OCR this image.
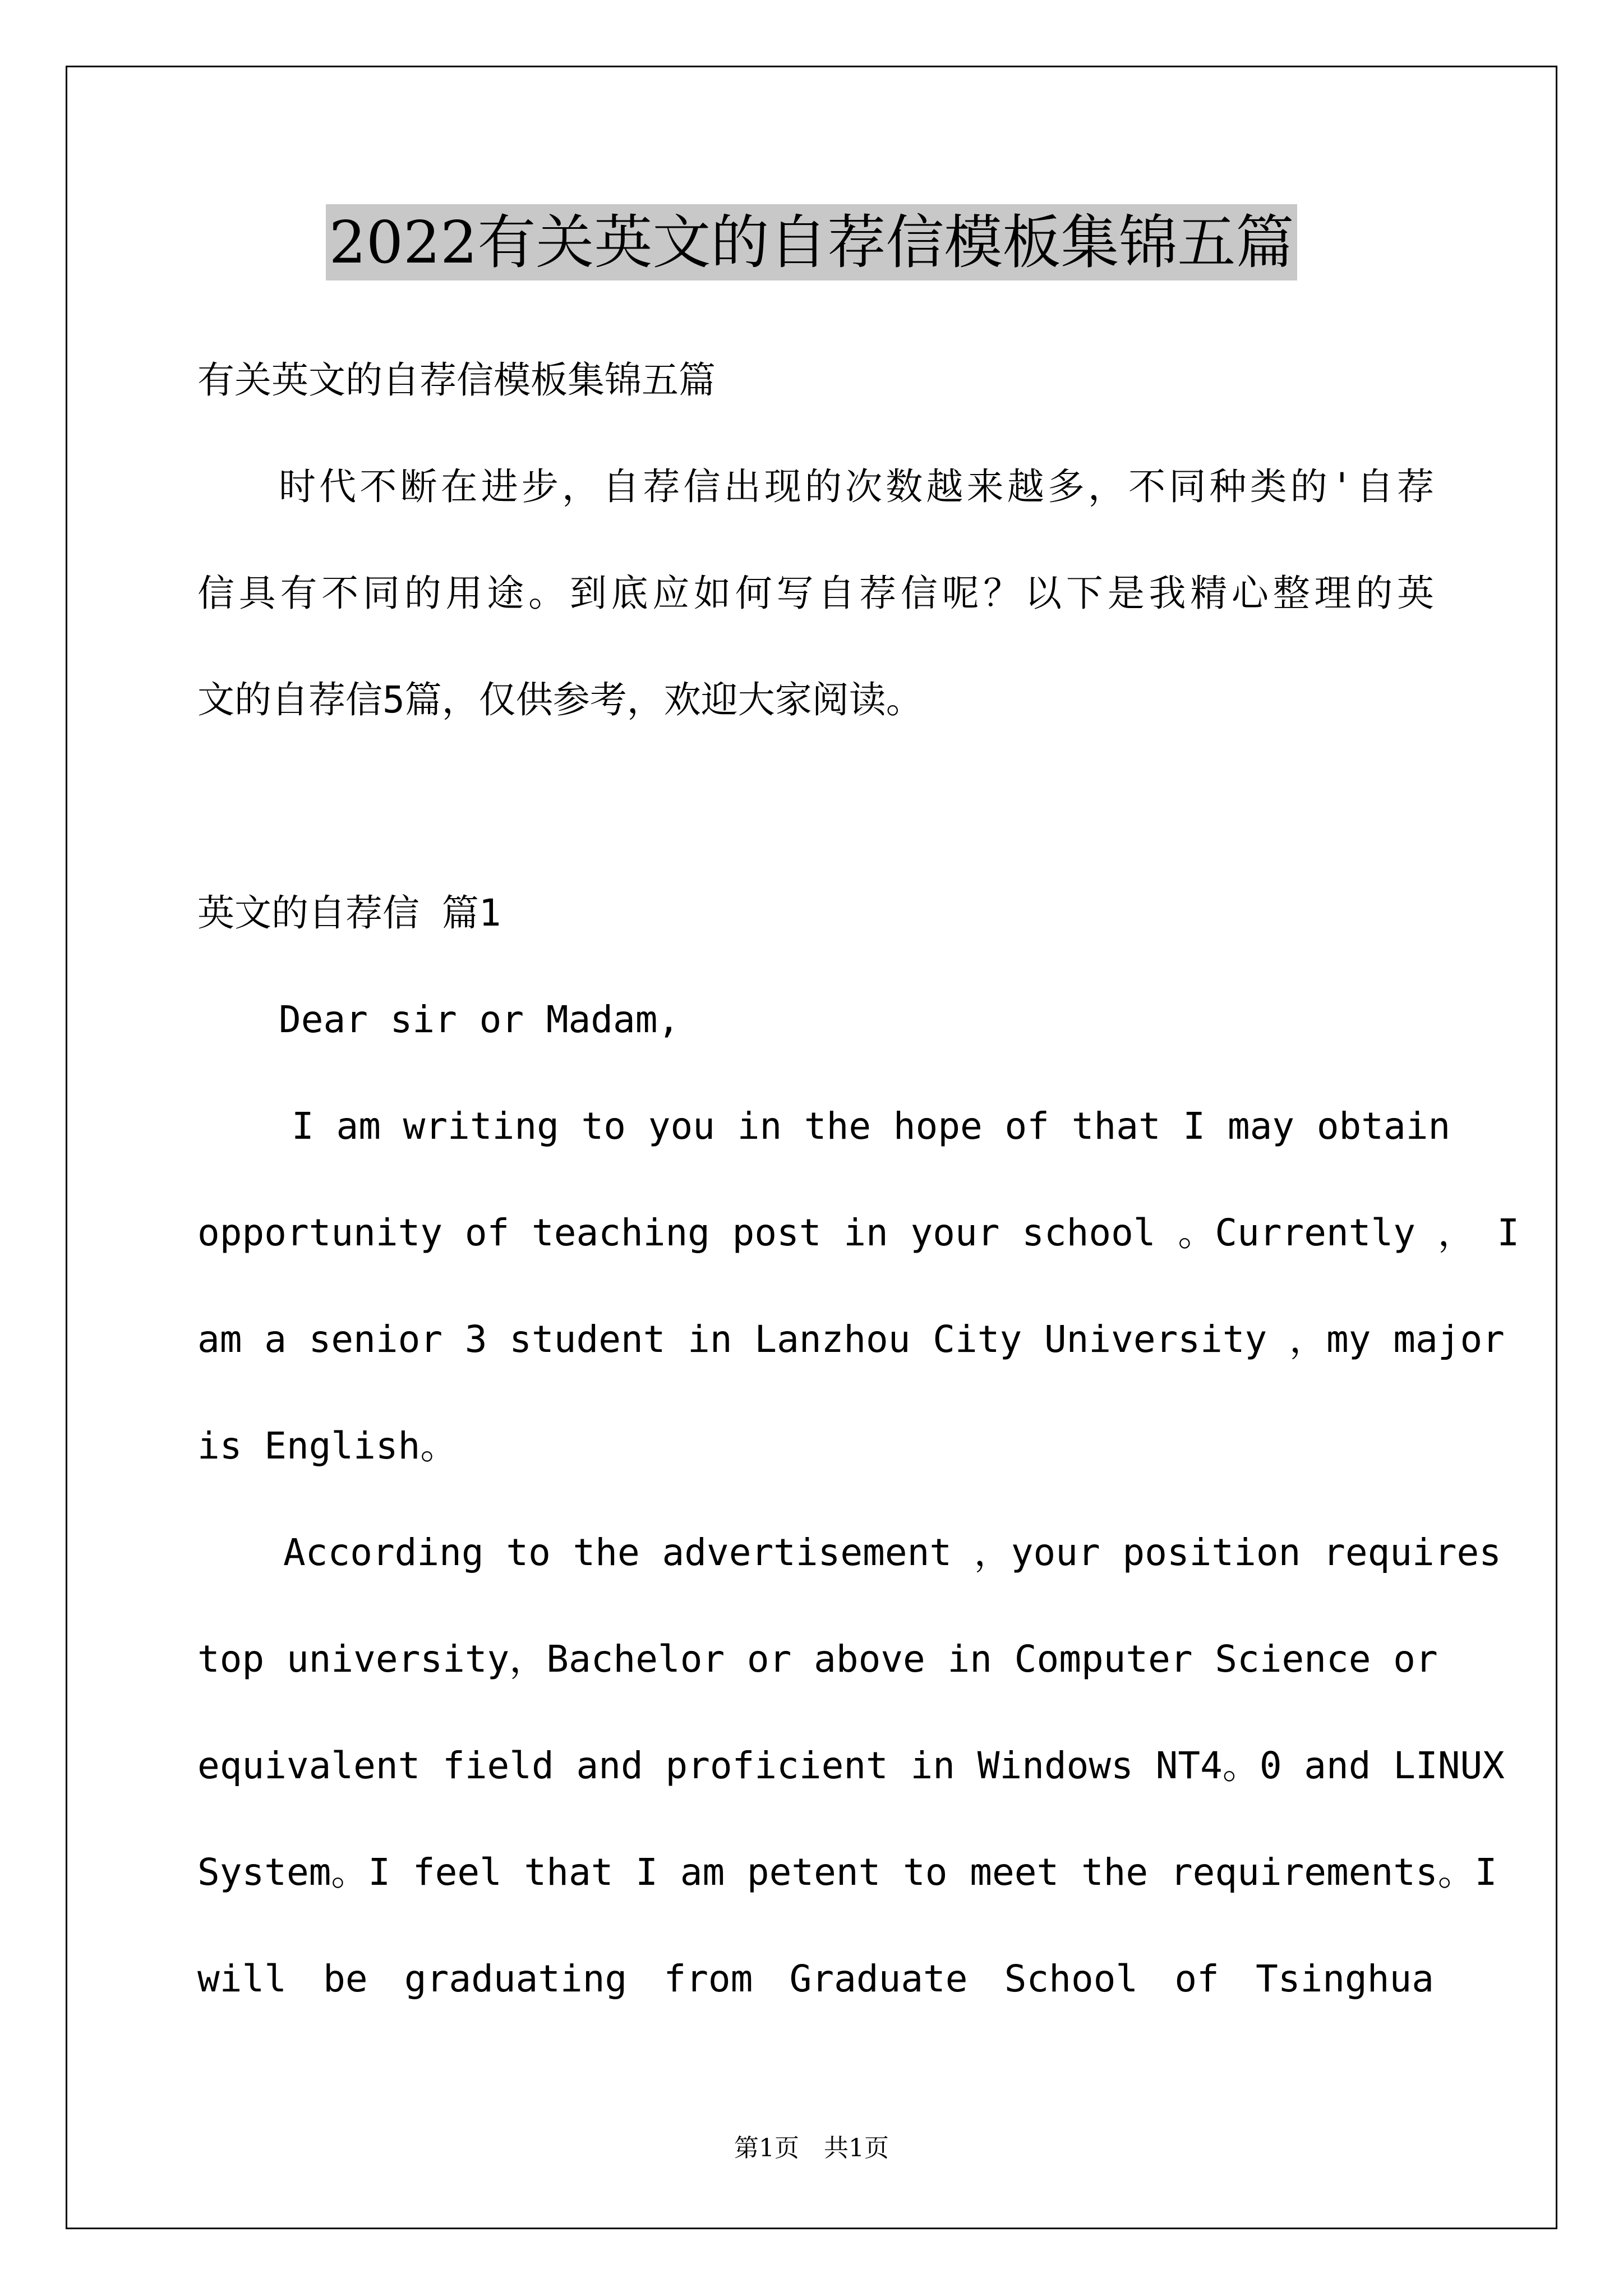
2022有关英文的自荐信模板集锦五篇

有关英文的自荐信模板集锦五篇

时代不断在进步，自荐信出现的次数越来越多，不同种类的'自荐

信具有不同的用途。到底应如何写自荐信呢？以下是我精心整理的英

文的自荐信5篇，仅供参考，欢迎大家阅读。

英文的自荐信 篇1

Dear sir or Madam,

I am writing to you in the hope of that I may obtain

opportunity of teaching post in your school 。Currently ， I

am a senior 3 student in Lanzhou City University ，my major

is English。

According to the advertisement ，your position requires

top university，Bachelor or above in Computer Science or

equivalent field and proficient in Windows NT4。0 and LINUX

System。I feel that I am petent to meet the requirements。I

will be graduating from Graduate School of Tsinghua

第1页　共1页
